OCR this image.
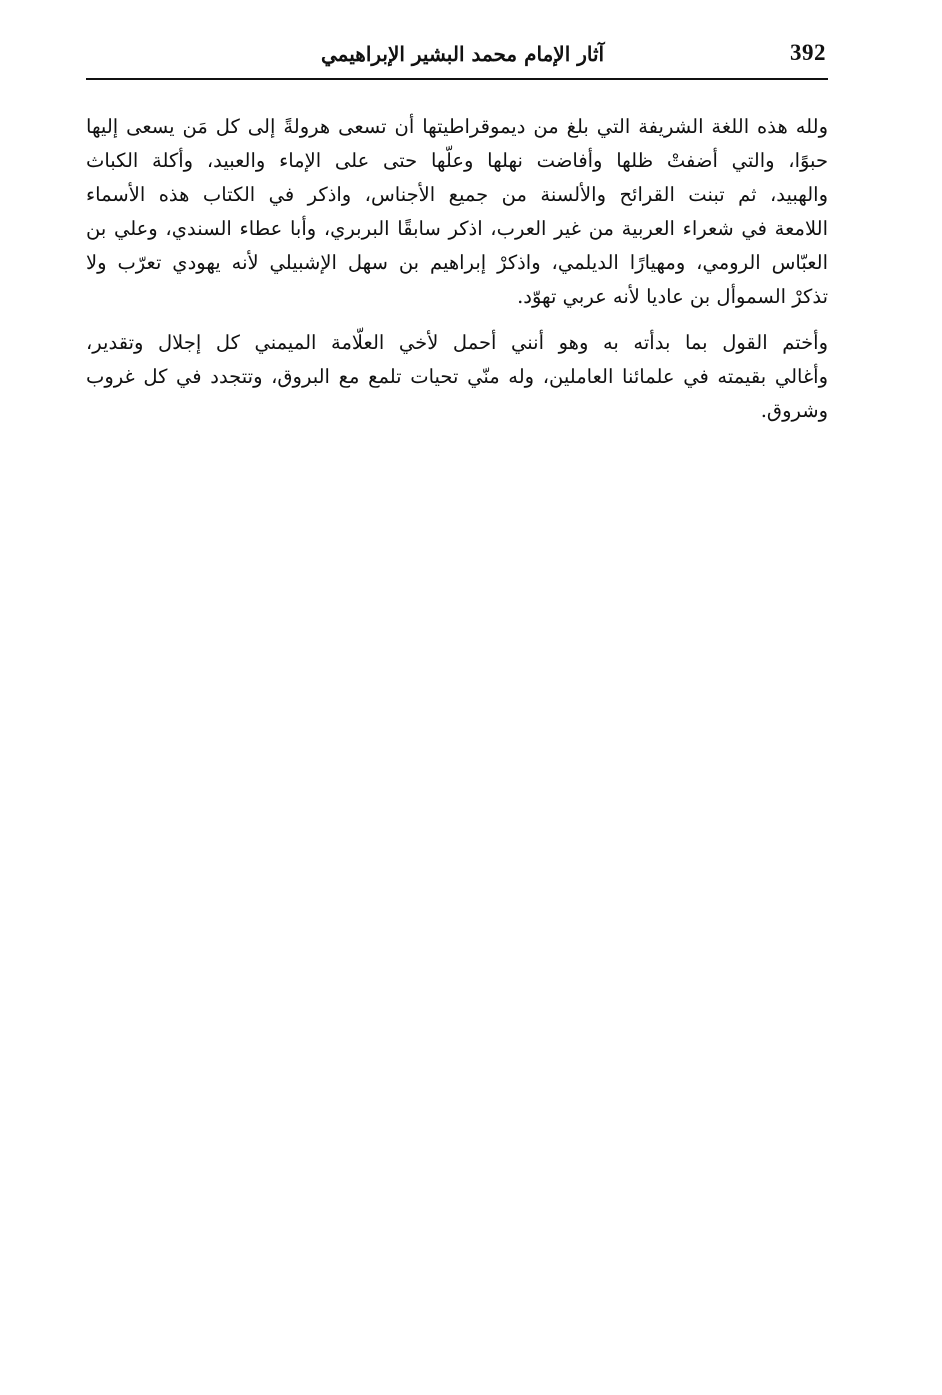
آثار الإمام محمد البشير الإبراهيمي	392
ولله هذه اللغة الشريفة التي بلغ من ديموقراطيتها أن تسعى هرولةً إلى كل مَن يسعى إليها
حبوًا، والتي أضفتْ ظلها وأفاضت نهلها وعلّها حتى على الإماء والعبيد، وأكلة الكباث
والهبيد، ثم تبنت القرائح والألسنة من جميع الأجناس، واذكر في الكتاب هذه الأسماء
اللامعة في شعراء العربية من غير العرب، اذكر سابقًا البربري، وأبا عطاء السندي، وعلي بن
العبّاس الرومي، ومهيارًا الديلمي، واذكرْ إبراهيم بن سهل الإشبيلي لأنه يهودي تعرّب ولا
تذكرْ السموأل بن عاديا لأنه عربي تهوّد.
وأختم القول بما بدأته به وهو أنني أحمل لأخي العلّامة الميمني كل إجلال وتقدير،
وأغالي بقيمته في علمائنا العاملين، وله منّي تحيات تلمع مع البروق، وتتجدد في كل غروب
وشروق.
